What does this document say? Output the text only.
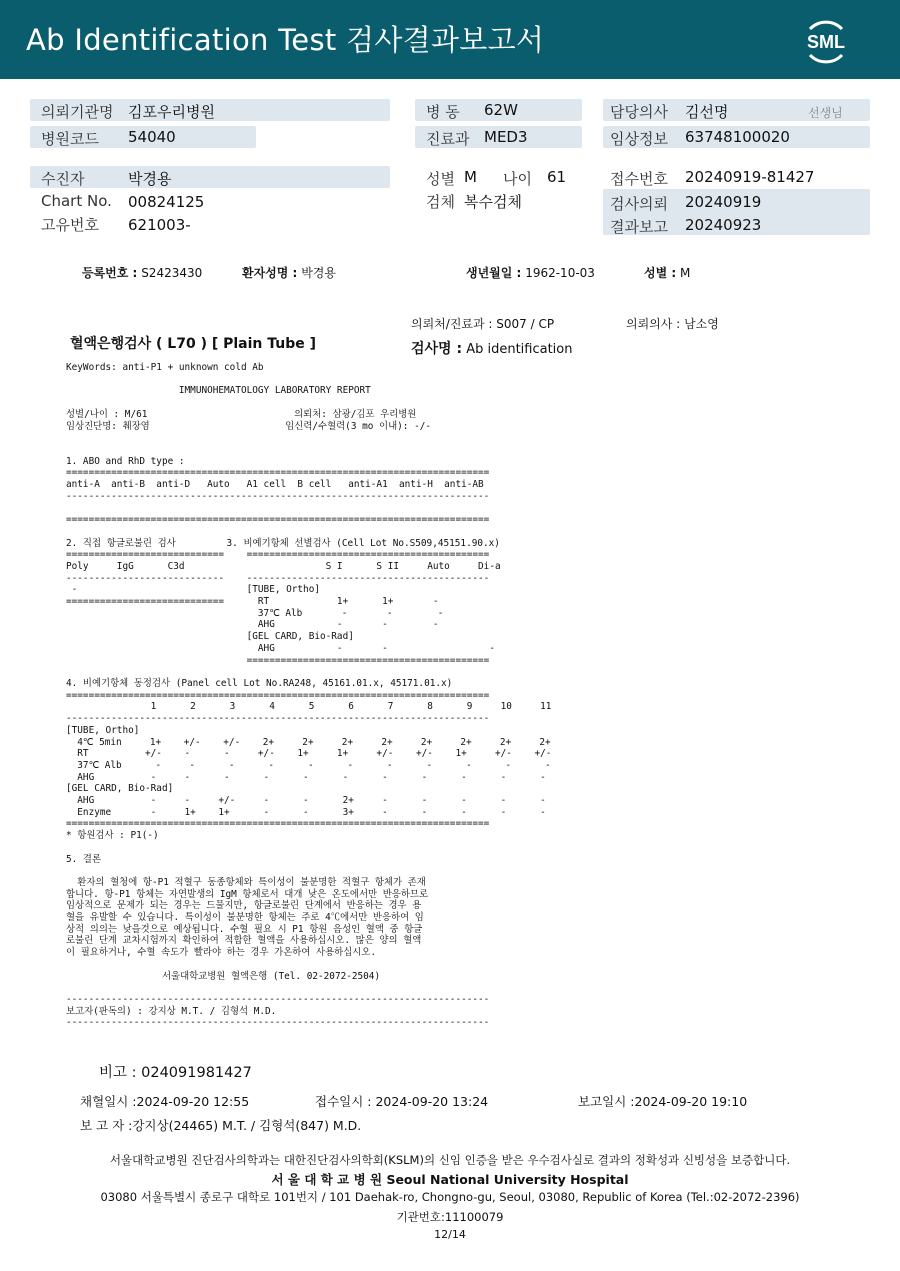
Ab Identification Test 검사결과보고서	SML
의뢰기관명 김포우리병원
병원코드 54040
병 동 62W
진료과 MED3
담당의사 김선명	선생님
임상정보 63748100020
수진자	박경용
Chart No. 00824125
고유번호 621003-
성별 M 나이 61
검체 복수검체
접수번호 20240919-81427
검사의뢰 20240919
결과보고 20240923
등록번호 : S2423430	환자성명 : 박경용	생년월일 : 1962-10-03	성별 : M
의뢰처/진료과 : S007 / CP	의뢰의사 : 남소영
혈액은행검사 ( L70 ) [ Plain Tube ]	검사명 : Ab identification
KeyWords: anti-P1 + unknown cold Ab

IMMUNOHEMATOLOGY LABORATORY REPORT

성별/나이 : M/61                          의뢰처: 삼광/김포 우리병원
임상진단명: 췌장염                        임신력/수혈력(3 mo 이내): -/-

1. ABO and RhD type :
===========================================================================
anti-A  anti-B  anti-D   Auto   A1 cell  B cell   anti-A1  anti-H  anti-AB
---------------------------------------------------------------------------

===========================================================================

2. 직접 항글로불린 검사         3. 비예기항체 선별검사 (Cell Lot No.S509,45151.90.x)
============================    ===========================================
Poly     IgG      C3d                         S I      S II     Auto     Di-a
----------------------------    -------------------------------------------
-                              [TUBE, Ortho]
============================      RT            1+      1+       -
37℃ Alb       -       -        -
AHG           -       -        -
[GEL CARD, Bio-Rad]
AHG           -       -                  -
===========================================

4. 비예기항체 동정검사 (Panel cell Lot No.RA248, 45161.01.x, 45171.01.x)
===========================================================================
1      2      3      4      5      6      7      8      9     10     11
---------------------------------------------------------------------------
[TUBE, Ortho]
4℃ 5min     1+    +/-    +/-    2+     2+     2+     2+     2+     2+     2+     2+
RT          +/-    -      -     +/-    1+     1+     +/-    +/-    1+     +/-    +/-
37℃ Alb      -     -      -      -      -      -      -      -      -      -      -
AHG          -     -      -      -      -      -      -      -      -      -      -
[GEL CARD, Bio-Rad]
AHG          -     -     +/-     -      -      2+     -      -      -      -      -
Enzyme       -     1+    1+      -      -      3+     -      -      -      -      -
===========================================================================
* 항원검사 : P1(-)

5. 결론

환자의 혈청에 항-P1 적혈구 동종항체와 특이성이 불분명한 적혈구 항체가 존재
합니다. 항-P1 항체는 자연발생의 IgM 항체로서 대개 낮은 온도에서만 반응하므로
임상적으로 문제가 되는 경우는 드물지만, 항글로불린 단계에서 반응하는 경우 용
혈을 유발할 수 있습니다. 특이성이 불분명한 항체는 주로 4℃에서만 반응하여 임
상적 의의는 낮을것으로 예상됩니다. 수혈 필요 시 P1 항원 음성인 혈액 중 항글
로불린 단계 교차시험까지 확인하여 적합한 혈액을 사용하십시오. 많은 양의 혈액
이 필요하거나, 수혈 속도가 빨라야 하는 경우 가온하여 사용하십시오.

서울대학교병원 혈액은행 (Tel. 02-2072-2504)

---------------------------------------------------------------------------
보고자(판독의) : 강지상 M.T. / 김형석 M.D.
---------------------------------------------------------------------------
비고 : 024091981427
채혈일시 :2024-09-20 12:55	접수일시 : 2024-09-20 13:24	보고일시 :2024-09-20 19:10
보 고 자 :강지상(24465) M.T. / 김형석(847) M.D.
서울대학교병원 진단검사의학과는 대한진단검사의학회(KSLM)의 신임 인증을 받은 우수검사실로 결과의 정확성과 신빙성을 보증합니다.
서 울 대 학 교 병 원 Seoul National University Hospital
03080 서울특별시 종로구 대학로 101번지 / 101 Daehak-ro, Chongno-gu, Seoul, 03080, Republic of Korea (Tel.:02-2072-2396)
기관번호:11100079
12/14
